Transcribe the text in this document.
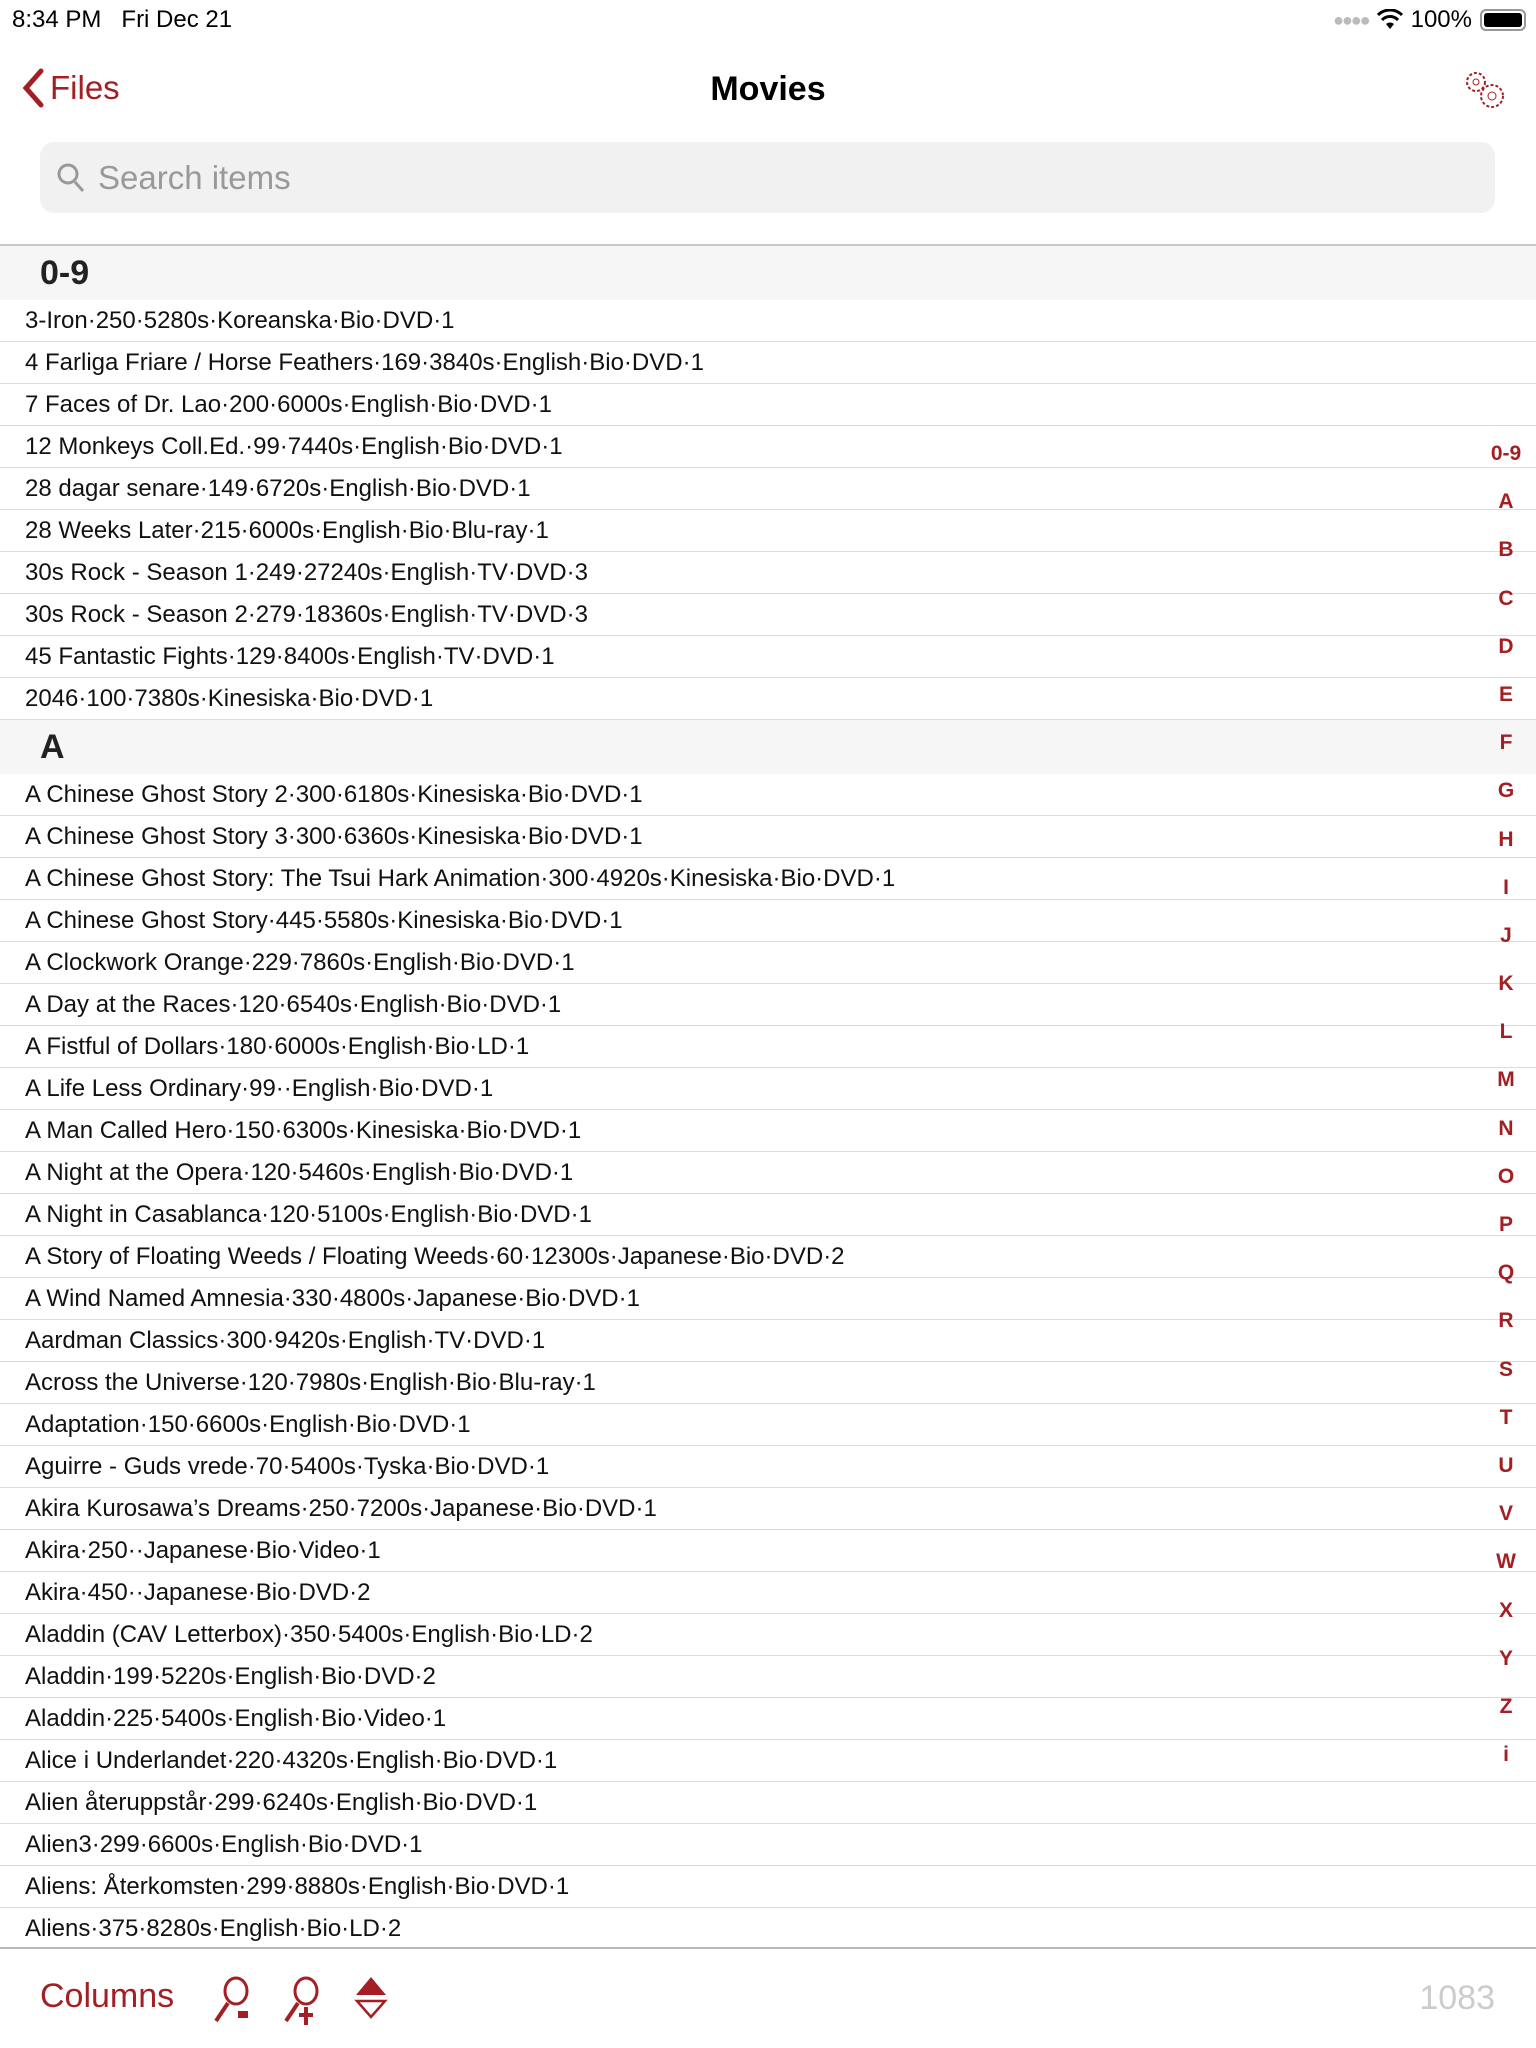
8:34 PM Fri Dec 21	●●●● 100%
Files	Movies
Search items
0-9
3-Iron·250·5280s·Koreanska·Bio·DVD·1
4 Farliga Friare / Horse Feathers·169·3840s·English·Bio·DVD·1
7 Faces of Dr. Lao·200·6000s·English·Bio·DVD·1
12 Monkeys Coll.Ed.·99·7440s·English·Bio·DVD·1
28 dagar senare·149·6720s·English·Bio·DVD·1
28 Weeks Later·215·6000s·English·Bio·Blu-ray·1
30s Rock - Season 1·249·27240s·English·TV·DVD·3
30s Rock - Season 2·279·18360s·English·TV·DVD·3
45 Fantastic Fights·129·8400s·English·TV·DVD·1
2046·100·7380s·Kinesiska·Bio·DVD·1
A
A Chinese Ghost Story 2·300·6180s·Kinesiska·Bio·DVD·1
A Chinese Ghost Story 3·300·6360s·Kinesiska·Bio·DVD·1
A Chinese Ghost Story: The Tsui Hark Animation·300·4920s·Kinesiska·Bio·DVD·1
A Chinese Ghost Story·445·5580s·Kinesiska·Bio·DVD·1
A Clockwork Orange·229·7860s·English·Bio·DVD·1
A Day at the Races·120·6540s·English·Bio·DVD·1
A Fistful of Dollars·180·6000s·English·Bio·LD·1
A Life Less Ordinary·99··English·Bio·DVD·1
A Man Called Hero·150·6300s·Kinesiska·Bio·DVD·1
A Night at the Opera·120·5460s·English·Bio·DVD·1
A Night in Casablanca·120·5100s·English·Bio·DVD·1
A Story of Floating Weeds / Floating Weeds·60·12300s·Japanese·Bio·DVD·2
A Wind Named Amnesia·330·4800s·Japanese·Bio·DVD·1
Aardman Classics·300·9420s·English·TV·DVD·1
Across the Universe·120·7980s·English·Bio·Blu-ray·1
Adaptation·150·6600s·English·Bio·DVD·1
Aguirre - Guds vrede·70·5400s·Tyska·Bio·DVD·1
Akira Kurosawa’s Dreams·250·7200s·Japanese·Bio·DVD·1
Akira·250··Japanese·Bio·Video·1
Akira·450··Japanese·Bio·DVD·2
Aladdin (CAV Letterbox)·350·5400s·English·Bio·LD·2
Aladdin·199·5220s·English·Bio·DVD·2
Aladdin·225·5400s·English·Bio·Video·1
Alice i Underlandet·220·4320s·English·Bio·DVD·1
Alien återuppstår·299·6240s·English·Bio·DVD·1
Alien3·299·6600s·English·Bio·DVD·1
Aliens: Återkomsten·299·8880s·English·Bio·DVD·1
Aliens·375·8280s·English·Bio·LD·2
0-9
A
B
C
D
E
F
G
H
I
J
K
L
M
N
O
P
Q
R
S
T
U
V
W
X
Y
Z
i
Columns	1083
